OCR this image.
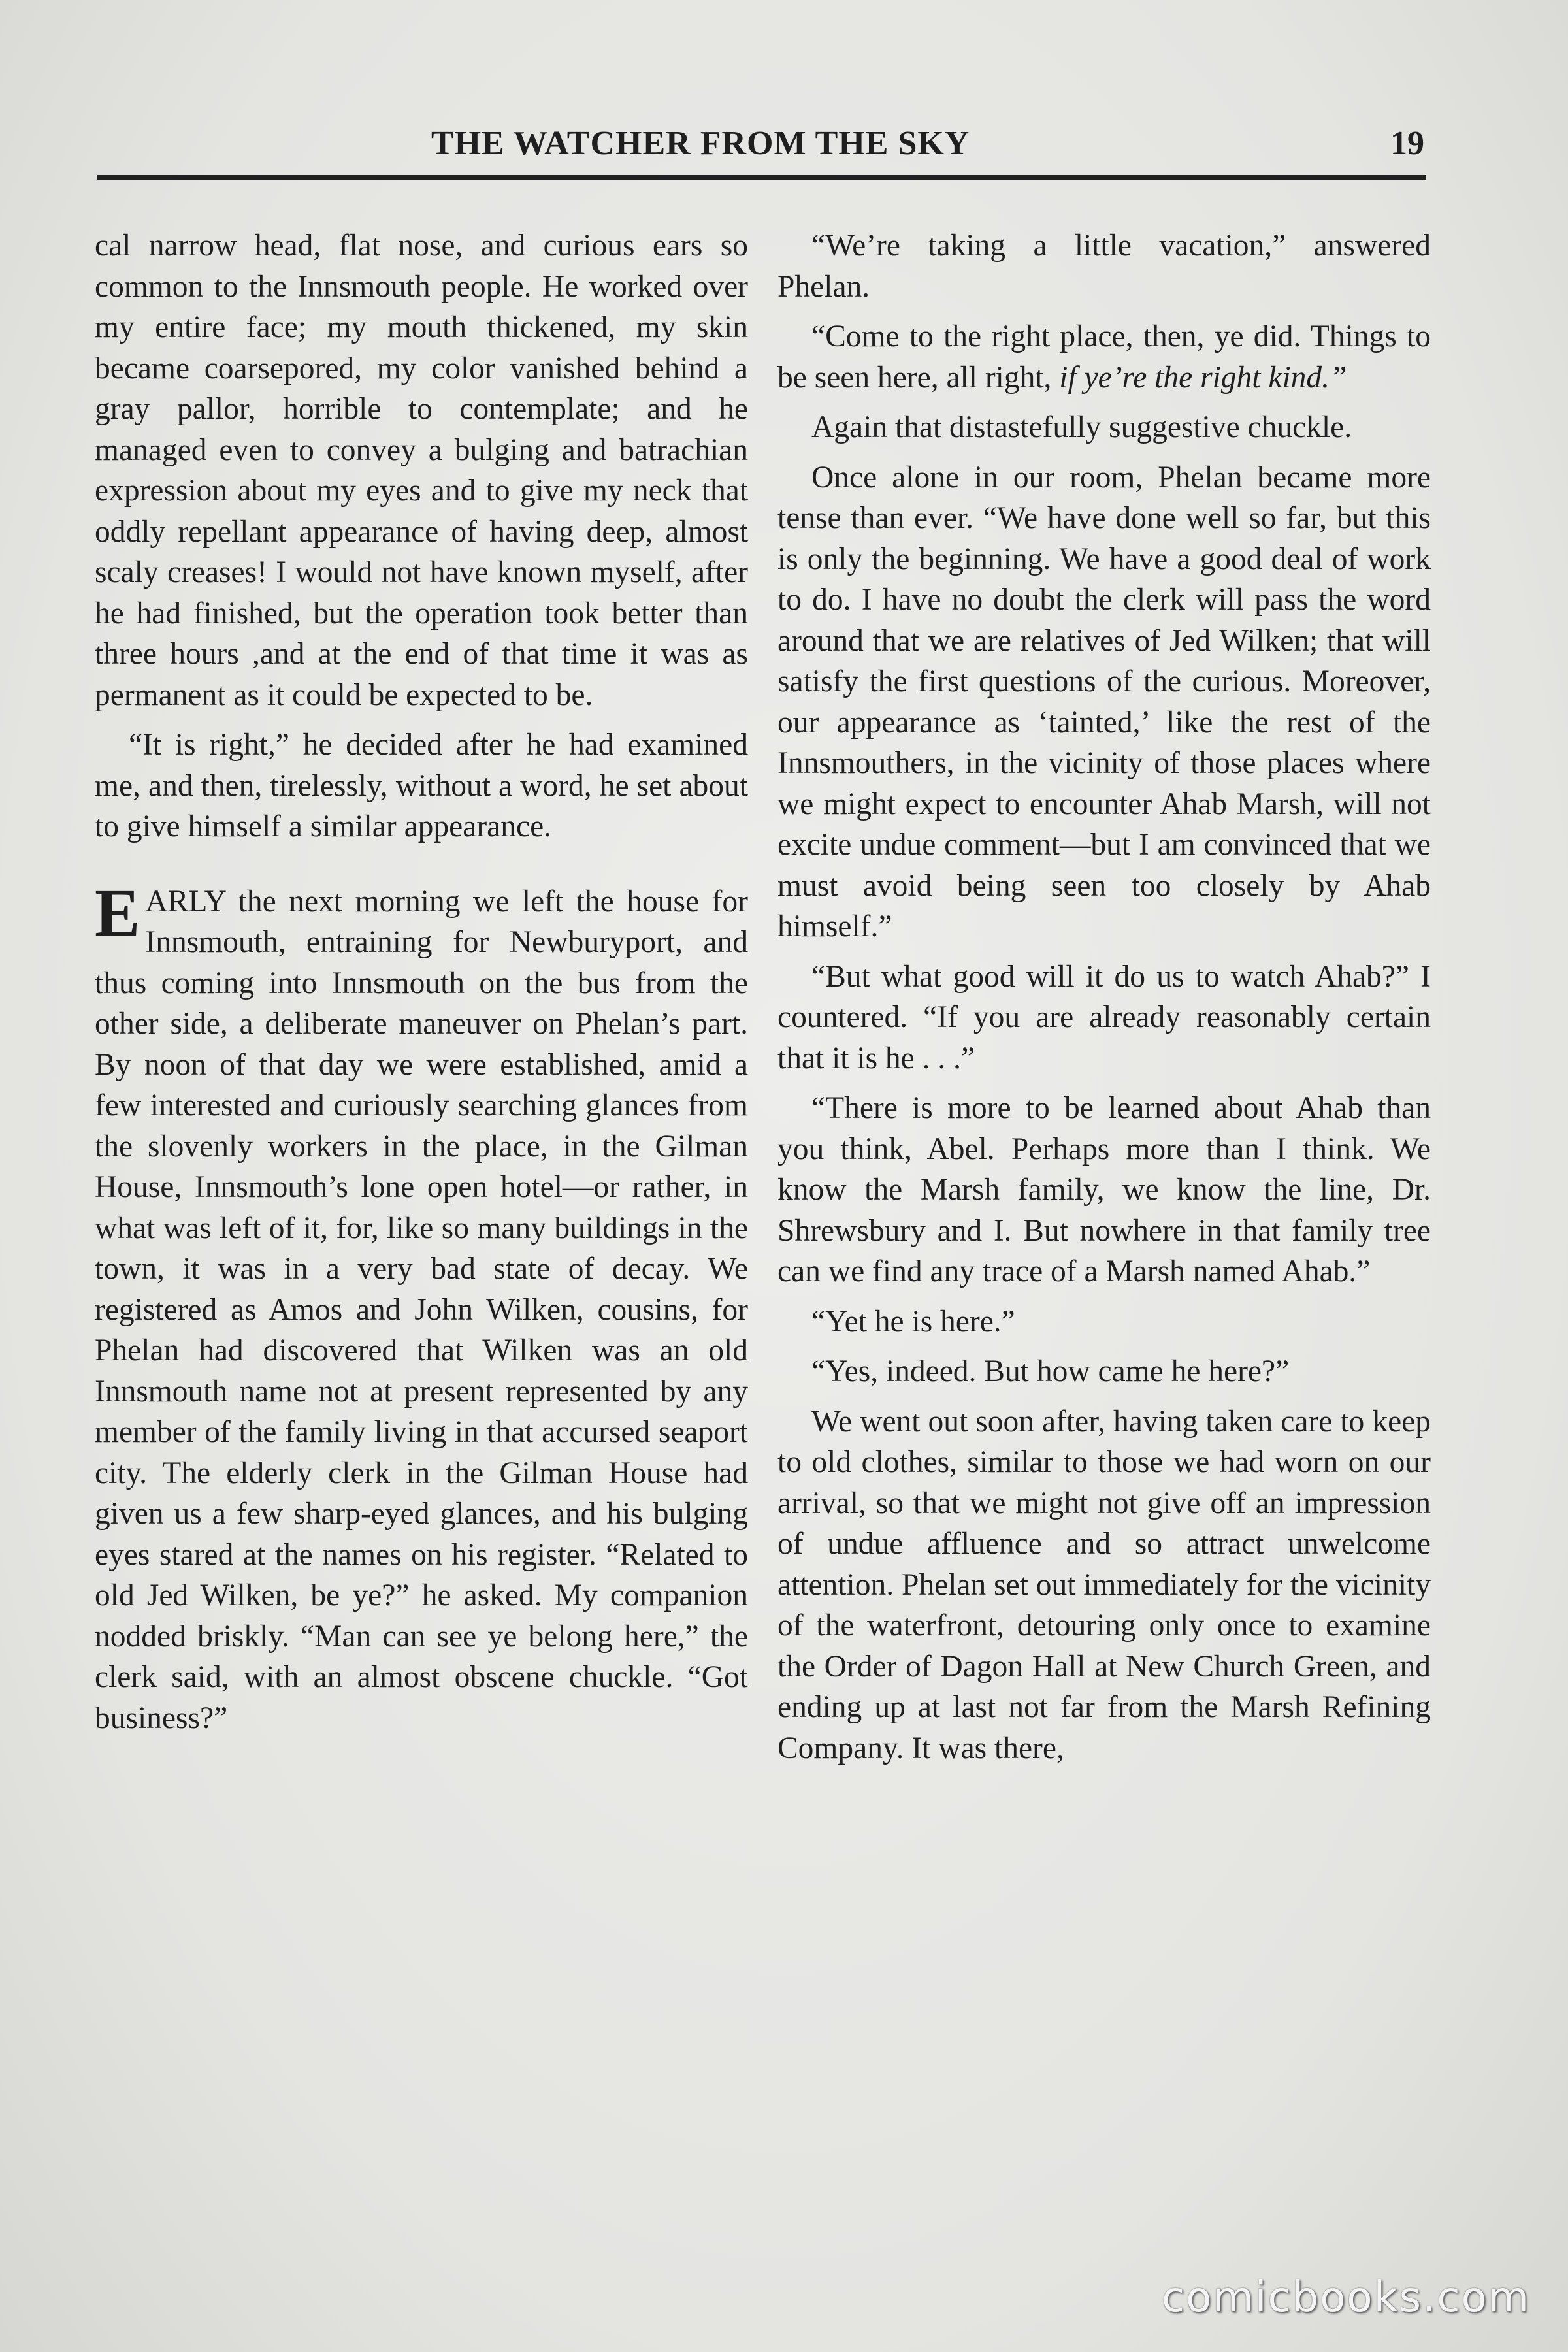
THE WATCHER FROM THE SKY	19

cal narrow head, flat nose, and curious ears so common to the Innsmouth people. He worked over my entire face; my mouth thickened, my skin became coarsepored, my color vanished behind a gray pallor, horrible to contemplate; and he managed even to convey a bulging and batrachian expression about my eyes and to give my neck that oddly repellant appearance of having deep, almost scaly creases! I would not have known myself, after he had finished, but the operation took better than three hours ,and at the end of that time it was as permanent as it could be expected to be.

“It is right,” he decided after he had examined me, and then, tirelessly, without a word, he set about to give himself a similar appearance.

E ARLY the next morning we left the house for Innsmouth, entraining for Newburyport, and thus coming into Innsmouth on the bus from the other side, a deliberate maneuver on Phelan’s part. By noon of that day we were established, amid a few interested and curiously searching glances from the slovenly workers in the place, in the Gilman House, Innsmouth’s lone open hotel—or rather, in what was left of it, for, like so many buildings in the town, it was in a very bad state of decay. We registered as Amos and John Wilken, cousins, for Phelan had discovered that Wilken was an old Innsmouth name not at present represented by any member of the family living in that accursed seaport city. The elderly clerk in the Gilman House had given us a few sharp-eyed glances, and his bulging eyes stared at the names on his register. “Related to old Jed Wilken, be ye?” he asked. My companion nodded briskly. “Man can see ye belong here,” the clerk said, with an almost obscene chuckle. “Got business?”

“We’re taking a little vacation,” answered Phelan.

“Come to the right place, then, ye did. Things to be seen here, all right, if ye’re the right kind.”

Again that distastefully suggestive chuckle.

Once alone in our room, Phelan became more tense than ever. “We have done well so far, but this is only the beginning. We have a good deal of work to do. I have no doubt the clerk will pass the word around that we are relatives of Jed Wilken; that will satisfy the first questions of the curious. Moreover, our appearance as ‘tainted,’ like the rest of the Innsmouthers, in the vicinity of those places where we might expect to encounter Ahab Marsh, will not excite undue comment—but I am convinced that we must avoid being seen too closely by Ahab himself.”

“But what good will it do us to watch Ahab?” I countered. “If you are already reasonably certain that it is he . . .”

“There is more to be learned about Ahab than you think, Abel. Perhaps more than I think. We know the Marsh family, we know the line, Dr. Shrewsbury and I. But nowhere in that family tree can we find any trace of a Marsh named Ahab.”

“Yet he is here.”

“Yes, indeed. But how came he here?”

We went out soon after, having taken care to keep to old clothes, similar to those we had worn on our arrival, so that we might not give off an impression of undue affluence and so attract unwelcome attention. Phelan set out immediately for the vicinity of the waterfront, detouring only once to examine the Order of Dagon Hall at New Church Green, and ending up at last not far from the Marsh Refining Company. It was there,

comicbooks.com
